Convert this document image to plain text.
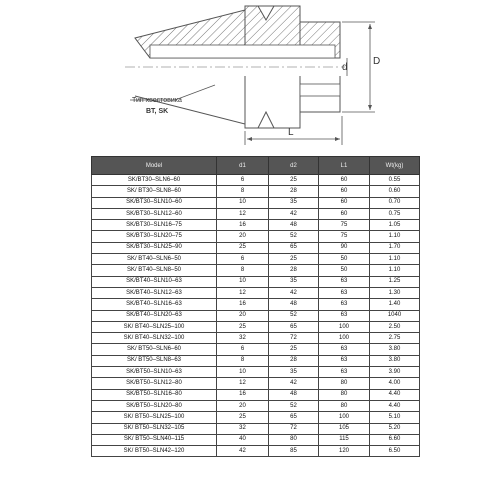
Тип хвостовика
BT, SK
d
D
L
Model	d1	d2	L1	Wt(kg)
SK/BT30–SLN6–60	6	25	60	0.55
SK/ BT30–SLN8–60	8	28	60	0.60
SK/BT30–SLN10–60	10	35	60	0.70
SK/BT30–SLN12–60	12	42	60	0.75
SK/BT30–SLN16–75	16	48	75	1.05
SK/BT30–SLN20–75	20	52	75	1.10
SK/BT30–SLN25–90	25	65	90	1.70
SK/ BT40–SLN6–50	6	25	50	1.10
SK/ BT40–SLN8–50	8	28	50	1.10
SK/BT40–SLN10–63	10	35	63	1.25
SK/BT40–SLN12–63	12	42	63	1.30
SK/BT40–SLN16–63	16	48	63	1.40
SK/BT40–SLN20–63	20	52	63	1040
SK/ BT40–SLN25–100	25	65	100	2.50
SK/ BT40–SLN32–100	32	72	100	2.75
SK/ BT50–SLN6–60	6	25	63	3.80
SK/ BT50–SLN8–63	8	28	63	3.80
SK/BT50–SLN10–63	10	35	63	3.90
SK/BT50–SLN12–80	12	42	80	4.00
SK/BT50–SLN16–80	16	48	80	4.40
SK/BT50–SLN20–80	20	52	80	4.40
SK/ BT50–SLN25–100	25	65	100	5.10
SK/ BT50–SLN32–105	32	72	105	5.20
SK/ BT50–SLN40–115	40	80	115	6.60
SK/ BT50–SLN42–120	42	85	120	6.50
